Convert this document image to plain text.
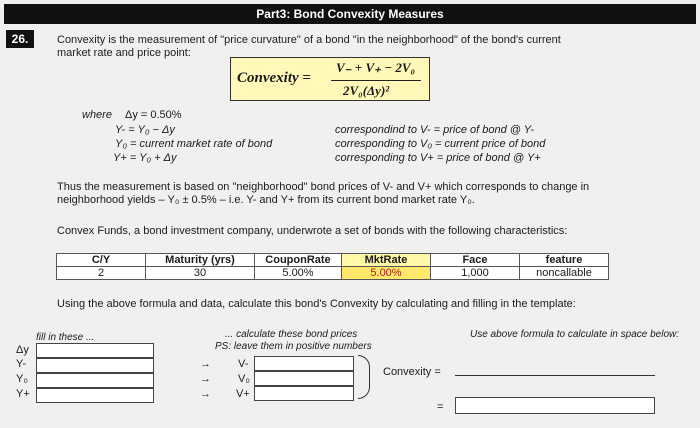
Part3: Bond Convexity Measures
26.	Convexity is the measurement of "price curvature" of a bond "in the neighborhood" of the bond's current
market rate and price point:
Convexity =
V₋ + V₊ − 2V₀
2V₀(Δy)²
where Δy = 0.50%
Y- = Y₀ − Δy
Y₀ = current market rate of bond
Y+ = Y₀ + Δy
correspondind to V- = price of bond @ Y-
corresponding to V₀ = current price of bond
corresponding to V+ = price of bond @ Y+
Thus the measurement is based on "neighborhood" bond prices of V- and V+ which corresponds to change in
neighborhood yields – Y₀ ± 0.5% – i.e. Y- and Y+ from its current bond market rate Y₀.
Convex Funds, a bond investment company, underwrote a set of bonds with the following characteristics:
C/Y	Maturity (yrs)	CouponRate	MktRate	Face	feature
2	30	5.00%	5.00%	1,000	noncallable
Using the above formula and data, calculate this bond's Convexity by calculating and filling in the template:
fill in these ...	... calculate these bond prices
PS: leave them in positive numbers
Use above formula to calculate in space below:
Δy
Y-
Y₀
Y+
→
→
→
V-
V₀
V+
Convexity =
=
